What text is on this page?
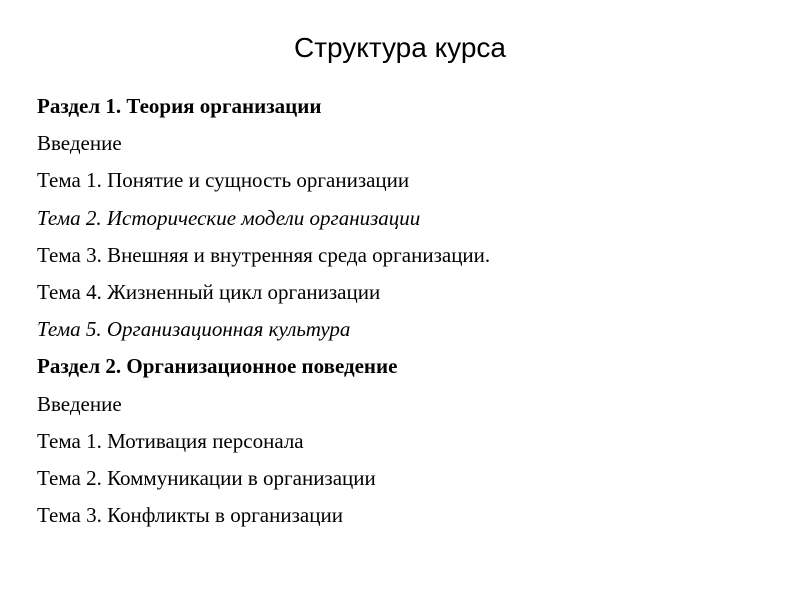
Структура курса
Раздел 1. Теория организации
Введение
Тема 1. Понятие и сущность организации
Тема 2. Исторические модели организации
Тема 3. Внешняя и внутренняя среда организации.
Тема 4. Жизненный цикл организации
Тема 5. Организационная культура
Раздел 2. Организационное поведение
Введение
Тема 1. Мотивация персонала
Тема 2. Коммуникации в организации
Тема 3. Конфликты в организации
